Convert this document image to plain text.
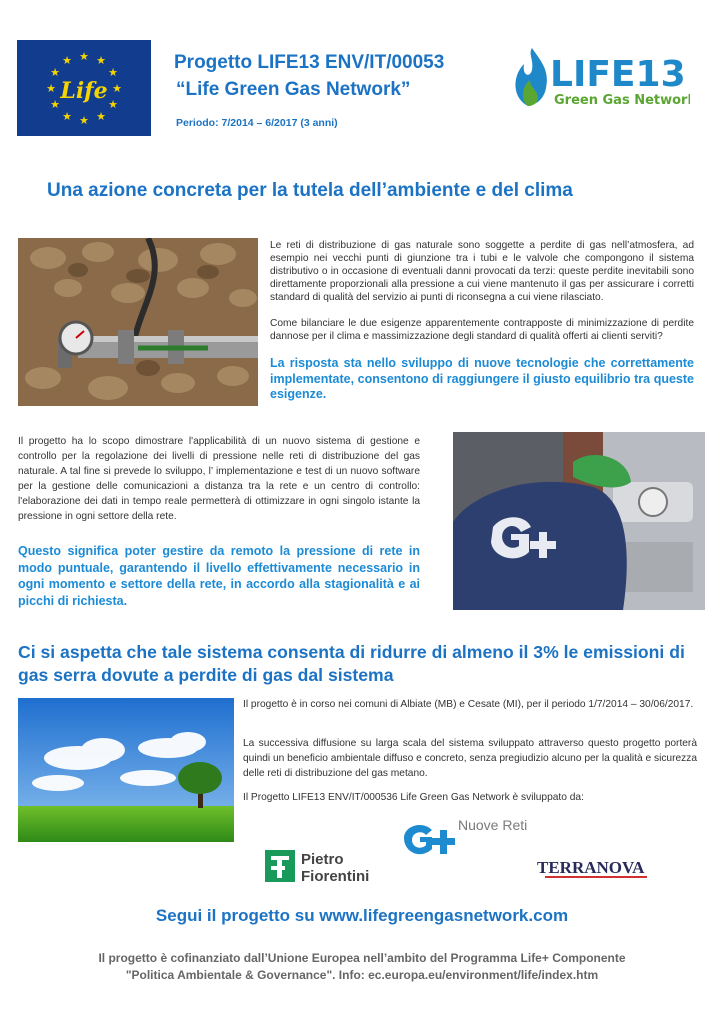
★ ★
★
★
★
★
★
★
★
★
★
★
Life
Progetto LIFE13 ENV/IT/00053
“Life Green Gas Network”
Periodo: 7/2014 – 6/2017 (3 anni)
LIFE13
Green Gas Network
Una azione concreta per la tutela dell’ambiente e del clima
Le reti di distribuzione di gas naturale sono soggette a perdite di gas nell’atmosfera, ad esempio nei vecchi punti di giunzione tra i tubi e le valvole che compongono il sistema distributivo o in occasione di eventuali danni provocati da terzi: queste perdite inevitabili sono direttamente proporzionali alla pressione a cui viene mantenuto il gas per assicurare i corretti standard di qualità del servizio ai punti di riconsegna a cui viene rilasciato.
Come bilanciare le due esigenze apparentemente contrapposte di minimizzazione di perdite dannose per il clima e massimizzazione degli standard di qualità offerti ai clienti serviti?
La risposta sta nello sviluppo di nuove tecnologie che correttamente implementate, consentono di raggiungere il giusto equilibrio tra queste esigenze.
Il progetto ha lo scopo dimostrare l'applicabilità di un nuovo sistema di gestione e controllo per la regolazione dei livelli di pressione nelle reti di distribuzione del gas naturale. A tal fine si prevede lo sviluppo, l’ implementazione e test di un nuovo software per la gestione delle comunicazioni a distanza tra la rete e un centro di controllo: l'elaborazione dei dati in tempo reale permetterà di ottimizzare in ogni singolo istante la pressione in ogni settore della rete.
Questo significa poter gestire da remoto la pressione di rete in modo puntuale, garantendo il livello effettivamente necessario in ogni momento e settore della rete, in accordo alla stagionalità e ai picchi di richiesta.
Ci si aspetta che tale sistema consenta di ridurre di almeno il 3% le emissioni di gas serra dovute a perdite di gas dal sistema
Il progetto è in corso nei comuni di Albiate (MB) e Cesate (MI), per il periodo 1/7/2014 – 30/06/2017.
La successiva diffusione su larga scala del sistema sviluppato attraverso questo progetto porterà quindi un beneficio ambientale diffuso e concreto, senza pregiudizio alcuno per la qualità e sicurezza delle reti di distribuzione del gas metano.
Il Progetto LIFE13 ENV/IT/000536 Life Green Gas Network è sviluppato da:
Nuove Reti
Pietro
Fiorentini	TERRANOVA
Segui il progetto su www.lifegreengasnetwork.com
Il progetto è cofinanziato dall’Unione Europea nell’ambito del Programma Life+ Componente
"Politica Ambientale & Governance". Info: ec.europa.eu/environment/life/index.htm
